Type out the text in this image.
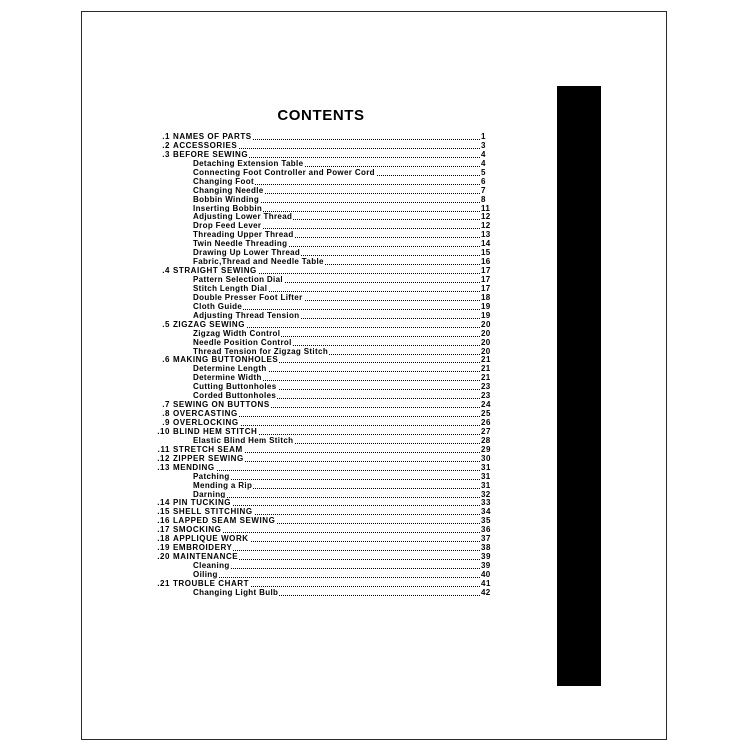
CONTENTS
1. NAMES OF PARTS	1
2. ACCESSORIES	3
3. BEFORE SEWING	4
Detaching Extension Table	4
Connecting Foot Controller and Power Cord	5
Changing Foot	6
Changing Needle	7
Bobbin Winding	8
Inserting Bobbin	11
Adjusting Lower Thread	12
Drop Feed Lever	12
Threading Upper Thread	13
Twin Needle Threading	14
Drawing Up Lower Thread	15
Fabric,Thread and Needle Table	16
4. STRAIGHT SEWING	17
Pattern Selection Dial	17
Stitch Length Dial	17
Double Presser Foot Lifter	18
Cloth Guide	19
Adjusting Thread Tension	19
5. ZIGZAG SEWING	20
Zigzag Width Control	20
Needle Position Control	20
Thread Tension for Zigzag Stitch	20
6. MAKING BUTTONHOLES	21
Determine Length	21
Determine Width	21
Cutting Buttonholes	23
Corded Buttonholes	23
7. SEWING ON BUTTONS	24
8. OVERCASTING	25
9. OVERLOCKING	26
10. BLIND HEM STITCH	27
Elastic Blind Hem Stitch	28
11. STRETCH SEAM	29
12. ZIPPER SEWING	30
13. MENDING	31
Patching	31
Mending a Rip	31
Darning	32
14. PIN TUCKING	33
15. SHELL STITCHING	34
16. LAPPED SEAM SEWING	35
17. SMOCKING	36
18. APPLIQUE WORK	37
19. EMBROIDERY	38
20. MAINTENANCE	39
Cleaning	39
Oiling	40
21. TROUBLE CHART	41
Changing Light Bulb	42
